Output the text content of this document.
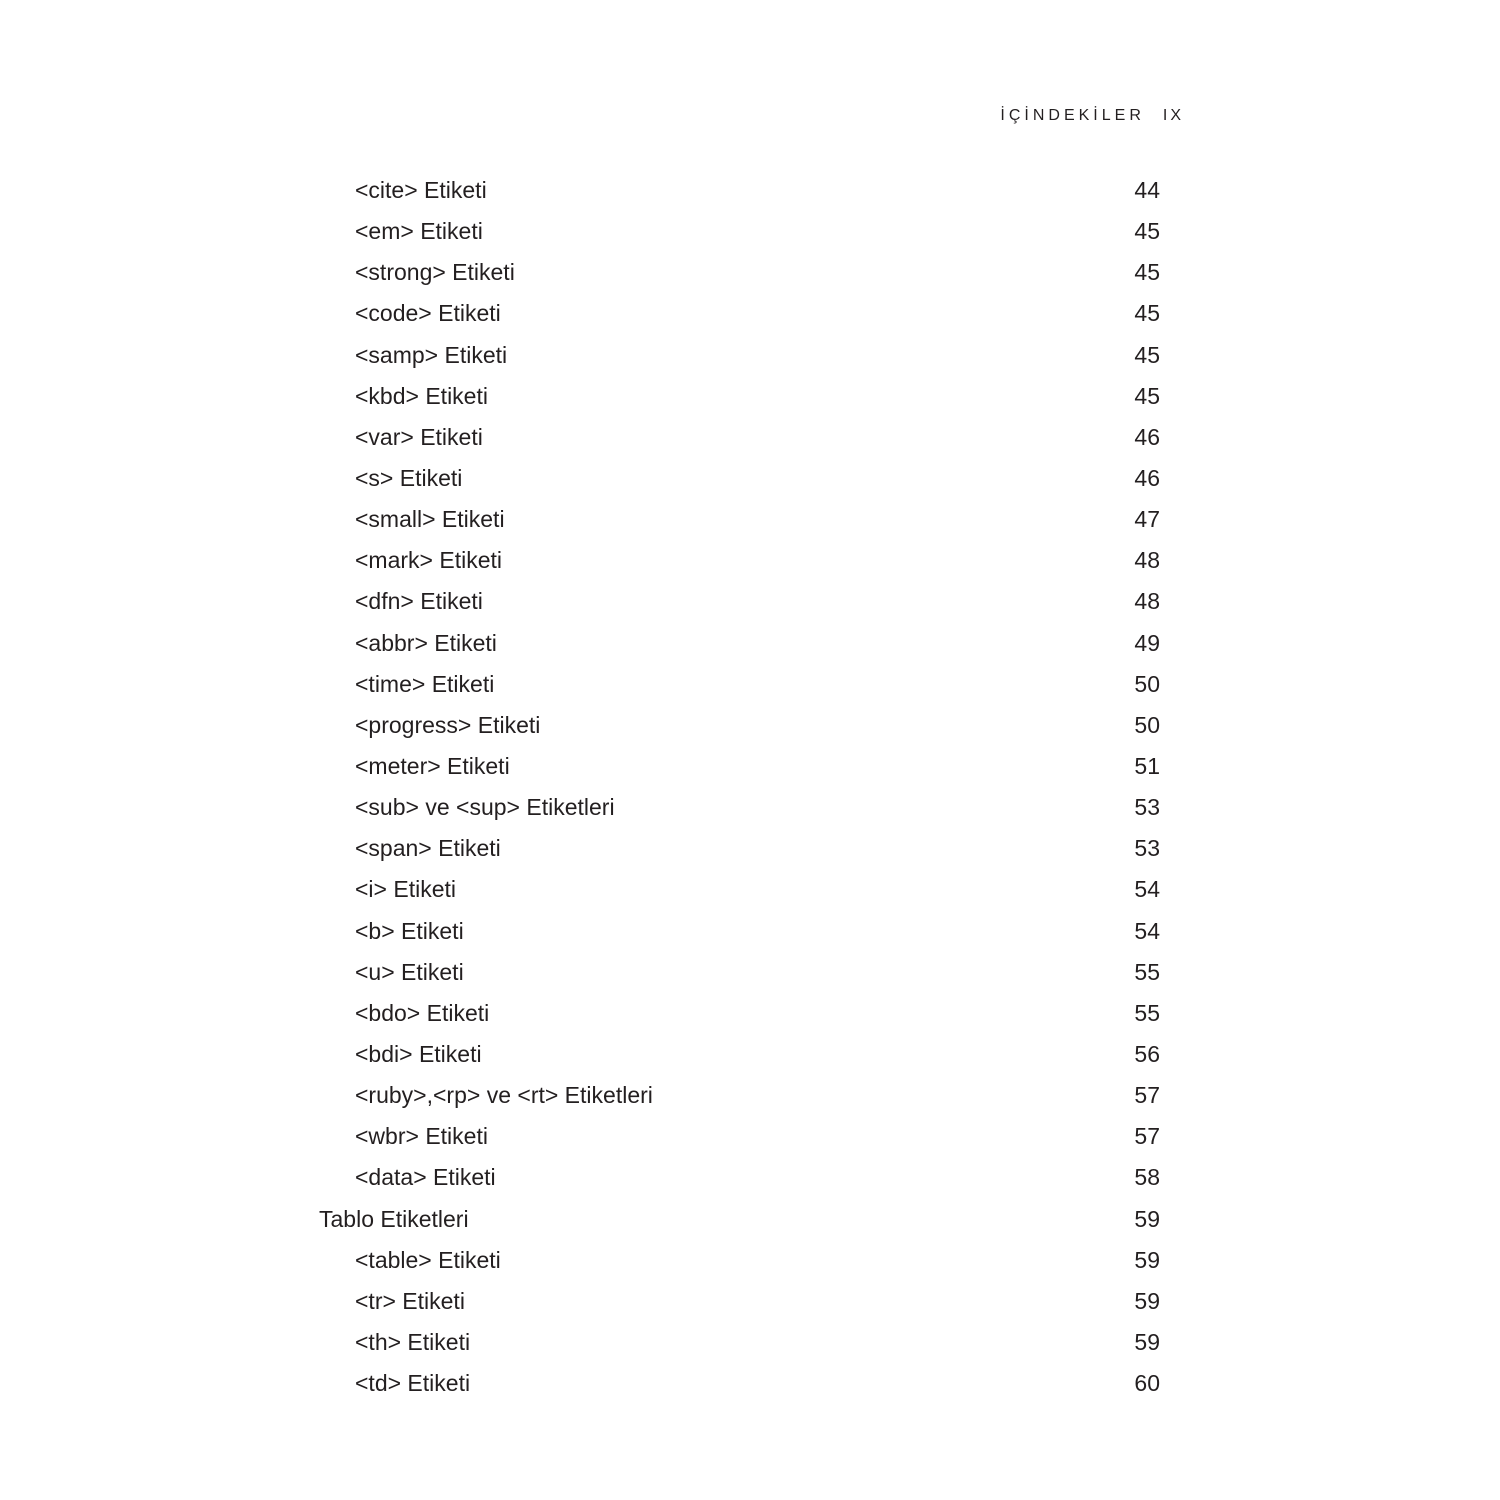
İÇİNDEKİLER IX
<cite> Etiketi	44
<em> Etiketi	45
<strong> Etiketi	45
<code> Etiketi	45
<samp> Etiketi	45
<kbd> Etiketi	45
<var> Etiketi	46
<s> Etiketi	46
<small> Etiketi	47
<mark> Etiketi	48
<dfn> Etiketi	48
<abbr> Etiketi	49
<time> Etiketi	50
<progress> Etiketi	50
<meter> Etiketi	51
<sub> ve <sup> Etiketleri	53
<span> Etiketi	53
<i> Etiketi	54
<b> Etiketi	54
<u> Etiketi	55
<bdo> Etiketi	55
<bdi> Etiketi	56
<ruby>,<rp> ve <rt> Etiketleri	57
<wbr> Etiketi	57
<data> Etiketi	58
Tablo Etiketleri	59
<table> Etiketi	59
<tr> Etiketi	59
<th> Etiketi	59
<td> Etiketi	60
